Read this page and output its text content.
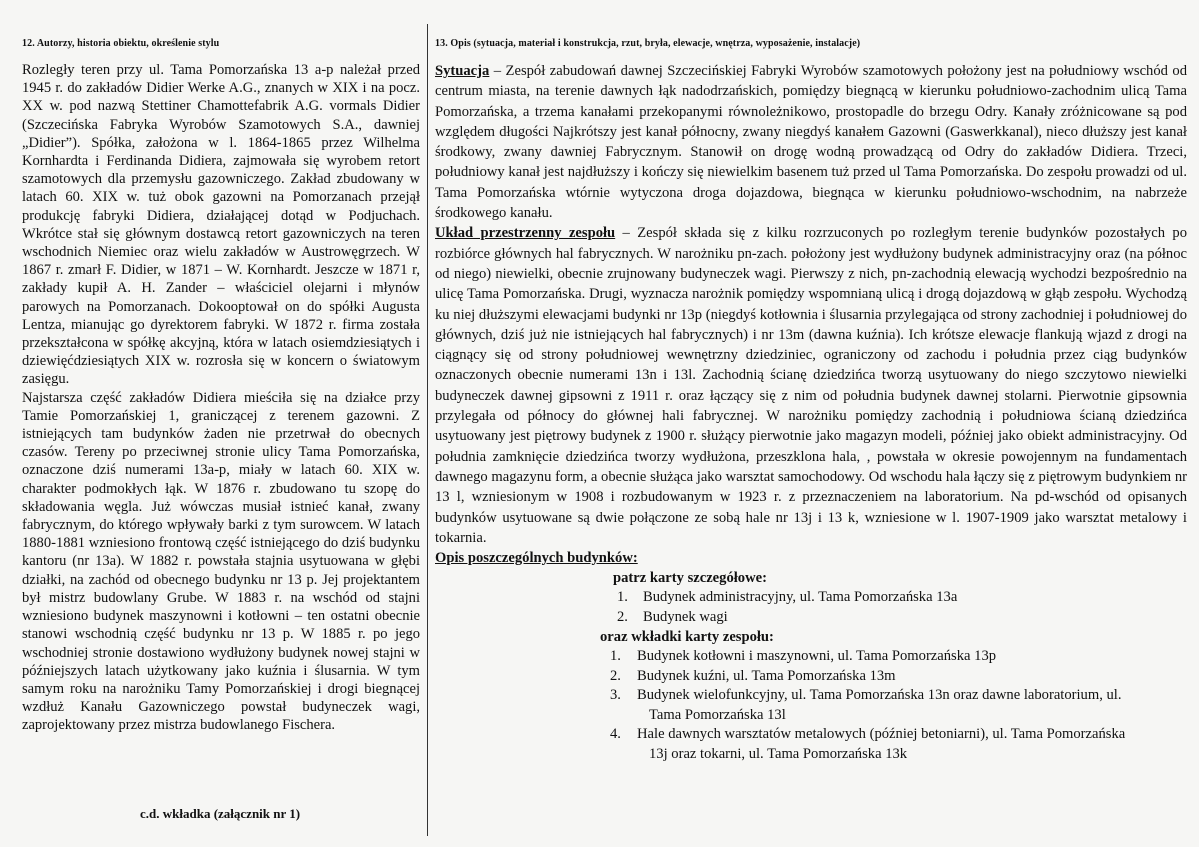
12. Autorzy, historia obiektu, określenie stylu

Rozległy teren przy ul. Tama Pomorzańska 13 a-p należał przed 1945 r. do zakładów Didier Werke A.G., znanych w XIX i na pocz. XX w. pod nazwą Stettiner Chamottefabrik A.G. vormals Didier (Szczecińska Fabryka Wyrobów Szamotowych S.A., dawniej „Didier”). Spółka, założona w l. 1864-1865 przez Wilhelma Kornhardta i Ferdinanda Didiera, zajmowała się wyrobem retort szamotowych dla przemysłu gazowniczego. Zakład zbudowany w latach 60. XIX w. tuż obok gazowni na Pomorzanach przejął produkcję fabryki Didiera, działającej dotąd w Podjuchach. Wkrótce stał się głównym dostawcą retort gazowniczych na teren wschodnich Niemiec oraz wielu zakładów w Austrowęgrzech. W 1867 r. zmarł F. Didier, w 1871 – W. Kornhardt. Jeszcze w 1871 r, zakłady kupił A. H. Zander – właściciel olejarni i młynów parowych na Pomorzanach. Dokooptował on do spółki Augusta Lentza, mianując go dyrektorem fabryki. W 1872 r. firma została przekształcona w spółkę akcyjną, która w latach osiemdziesiątych i dziewięćdziesiątych XIX w. rozrosła się w koncern o światowym zasięgu.

Najstarsza część zakładów Didiera mieściła się na działce przy Tamie Pomorzańskiej 1, graniczącej z terenem gazowni. Z istniejących tam budynków żaden nie przetrwał do obecnych czasów. Tereny po przeciwnej stronie ulicy Tama Pomorzańska, oznaczone dziś numerami 13a-p, miały w latach 60. XIX w. charakter podmokłych łąk. W 1876 r. zbudowano tu szopę do składowania węgla. Już wówczas musiał istnieć kanał, zwany fabrycznym, do którego wpływały barki z tym surowcem. W latach 1880-1881 wzniesiono frontową część istniejącego do dziś budynku kantoru (nr 13a). W 1882 r. powstała stajnia usytuowana w głębi działki, na zachód od obecnego budynku nr 13 p. Jej projektantem był mistrz budowlany Grube. W 1883 r. na wschód od stajni wzniesiono budynek maszynowni i kotłowni – ten ostatni obecnie stanowi wschodnią część budynku nr 13 p. W 1885 r. po jego wschodniej stronie dostawiono wydłużony budynek nowej stajni w późniejszych latach użytkowany jako kuźnia i ślusarnia. W tym samym roku na narożniku Tamy Pomorzańskiej i drogi biegnącej wzdłuż Kanału Gazowniczego powstał budyneczek wagi, zaprojektowany przez mistrza budowlanego Fischera.

c.d. wkładka (załącznik nr 1)
13. Opis (sytuacja, materiał i konstrukcja, rzut, bryła, elewacje, wnętrza, wyposażenie, instalacje)

Sytuacja – Zespół zabudowań dawnej Szczecińskiej Fabryki Wyrobów szamotowych położony jest na południowy wschód od centrum miasta, na terenie dawnych łąk nadodrzańskich, pomiędzy biegnącą w kierunku południowo-zachodnim ulicą Tama Pomorzańska, a trzema kanałami przekopanymi równoleżnikowo, prostopadle do brzegu Odry. Kanały zróżnicowane są pod względem długości Najkrótszy jest kanał północny, zwany niegdyś kanałem Gazowni (Gaswerkkanal), nieco dłuższy jest kanał środkowy, zwany dawniej Fabrycznym. Stanowił on drogę wodną prowadzącą od Odry do zakładów Didiera. Trzeci, południowy kanał jest najdłuższy i kończy się niewielkim basenem tuż przed ul Tama Pomorzańska. Do zespołu prowadzi od ul. Tama Pomorzańska wtórnie wytyczona droga dojazdowa, biegnąca w kierunku południowo-wschodnim, na nabrzeże środkowego kanału.

Układ przestrzenny zespołu – Zespół składa się z kilku rozrzuconych po rozległym terenie budynków pozostałych po rozbiórce głównych hal fabrycznych. W narożniku pn-zach. położony jest wydłużony budynek administracyjny oraz (na północ od niego) niewielki, obecnie zrujnowany budyneczek wagi. Pierwszy z nich, pn-zachodnią elewacją wychodzi bezpośrednio na ulicę Tama Pomorzańska. Drugi, wyznacza narożnik pomiędzy wspomnianą ulicą i drogą dojazdową w głąb zespołu. Wychodzą ku niej dłuższymi elewacjami budynki nr 13p (niegdyś kotłownia i ślusarnia przylegająca od strony zachodniej i południowej do głównych, dziś już nie istniejących hal fabrycznych) i nr 13m (dawna kuźnia). Ich krótsze elewacje flankują wjazd z drogi na ciągnący się od strony południowej wewnętrzny dziedziniec, ograniczony od zachodu i południa przez ciąg budynków oznaczonych obecnie numerami 13n i 13l. Zachodnią ścianę dziedzińca tworzą usytuowany do niego szczytowo niewielki budyneczek dawnej gipsowni z 1911 r. oraz łączący się z nim od południa budynek dawnej stolarni. Pierwotnie gipsownia przylegała od północy do głównej hali fabrycznej. W narożniku pomiędzy zachodnią i południowa ścianą dziedzińca usytuowany jest piętrowy budynek z 1900 r. służący pierwotnie jako magazyn modeli, później jako obiekt administracyjny. Od południa zamknięcie dziedzińca tworzy wydłużona, przeszklona hala, , powstała w okresie powojennym na fundamentach dawnego magazynu form, a obecnie służąca jako warsztat samochodowy. Od wschodu hala łączy się z piętrowym budynkiem nr 13 l, wzniesionym w 1908 i rozbudowanym w 1923 r. z przeznaczeniem na laboratorium. Na pd-wschód od opisanych budynków usytuowane są dwie połączone ze sobą hale nr 13j i 13 k, wzniesione w l. 1907-1909 jako warsztat metalowy i tokarnia.

Opis poszczególnych budynków:
patrz karty szczegółowe:
1. Budynek administracyjny, ul. Tama Pomorzańska 13a
2. Budynek wagi
oraz wkładki karty zespołu:
1. Budynek kotłowni i maszynowni, ul. Tama Pomorzańska 13p
2. Budynek kuźni, ul. Tama Pomorzańska 13m
3. Budynek wielofunkcyjny, ul. Tama Pomorzańska 13n oraz dawne laboratorium, ul.
Tama Pomorzańska 13l
4. Hale dawnych warsztatów metalowych (później betoniarni), ul. Tama Pomorzańska
13j oraz tokarni, ul. Tama Pomorzańska 13k
